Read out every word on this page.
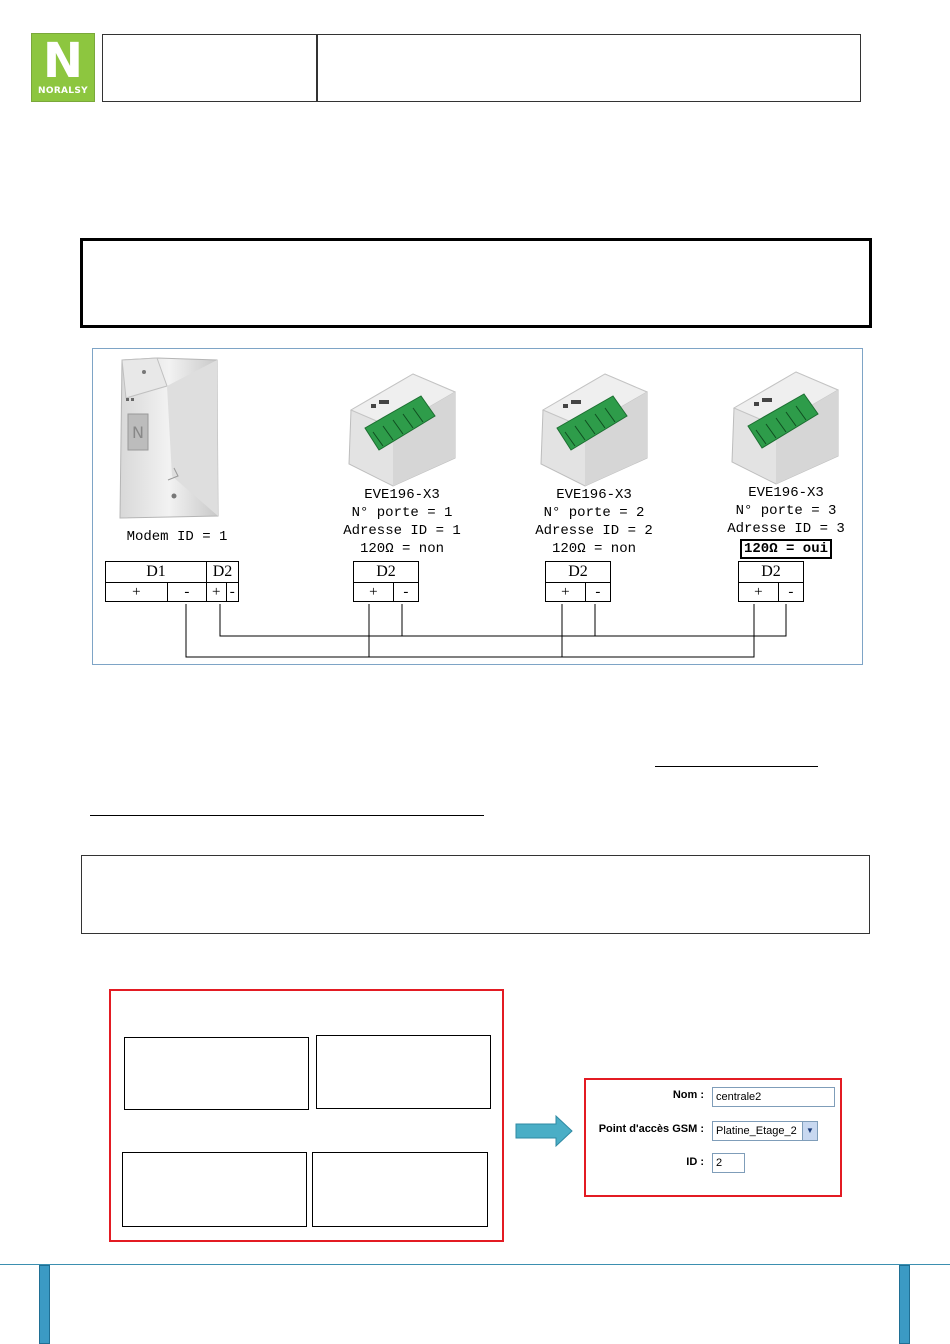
N
NORALSY
N
Modem ID = 1
EVE196-X3
N° porte = 1
Adresse ID = 1
120Ω = non
EVE196-X3
N° porte = 2
Adresse ID = 2
120Ω = non
EVE196-X3
N° porte = 3
Adresse ID = 3
120Ω = oui
D1		D2	
+	-	+	-
D2
+	-
D2
+	-
D2
+	-
Nom :	centrale2
Point d'accès GSM :	Platine_Etage_2	▼
ID :	2
